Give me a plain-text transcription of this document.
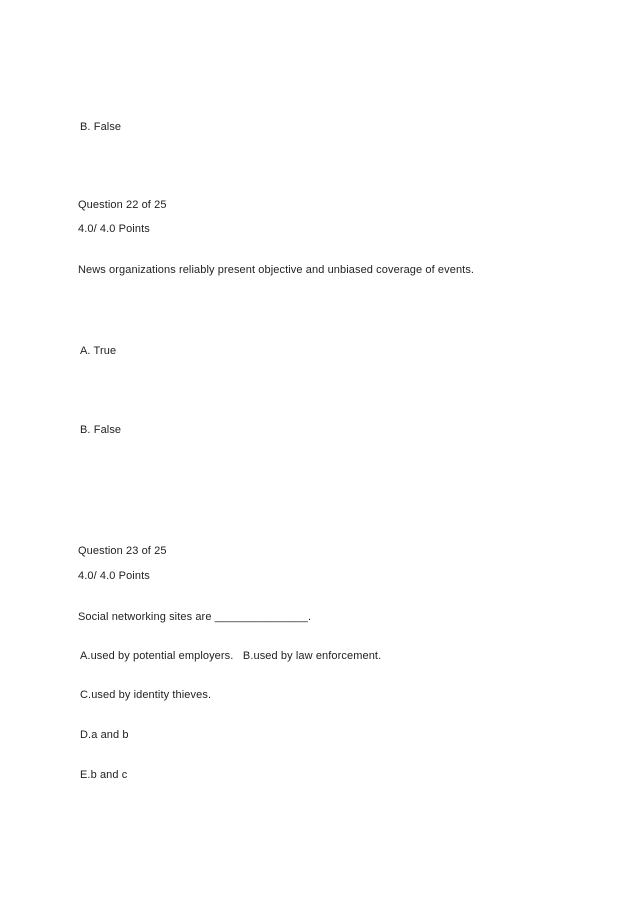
B. False
Question 22 of 25
4.0/ 4.0 Points
News organizations reliably present objective and unbiased coverage of events.
A. True
B. False
Question 23 of 25
4.0/ 4.0 Points
Social networking sites are _______________.
A.used by potential employers.   B.used by law enforcement.
C.used by identity thieves.
D.a and b
E.b and c
